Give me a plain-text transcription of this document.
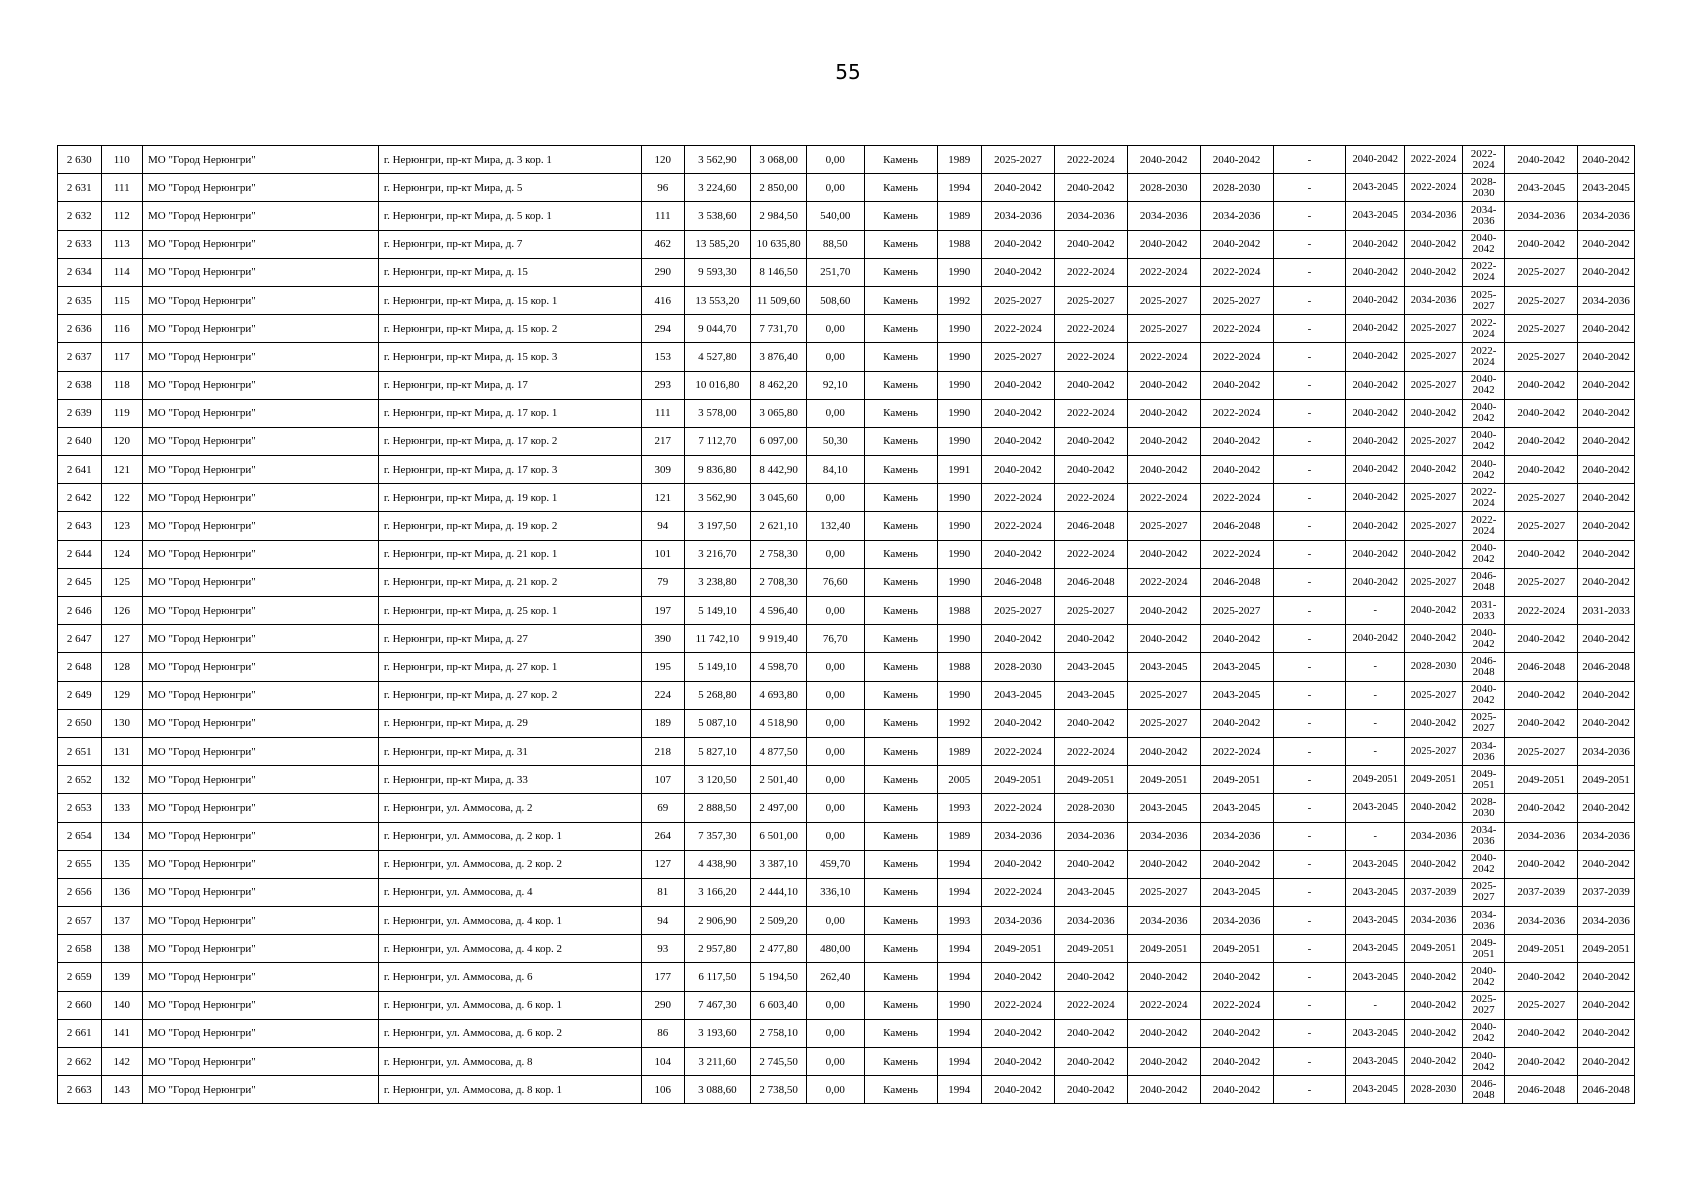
55
2 630	110	МО "Город Нерюнгри"	г. Нерюнгри, пр-кт Мира, д. 3 кор. 1	120	3 562,90	3 068,00	0,00	Камень	1989	2025-2027	2022-2024	2040-2042	2040-2042	-	2040-2042	2022-2024	2022-2024	2040-2042	2040-2042
2 631	111	МО "Город Нерюнгри"	г. Нерюнгри, пр-кт Мира, д. 5	96	3 224,60	2 850,00	0,00	Камень	1994	2040-2042	2040-2042	2028-2030	2028-2030	-	2043-2045	2022-2024	2028-2030	2043-2045	2043-2045
2 632	112	МО "Город Нерюнгри"	г. Нерюнгри, пр-кт Мира, д. 5 кор. 1	111	3 538,60	2 984,50	540,00	Камень	1989	2034-2036	2034-2036	2034-2036	2034-2036	-	2043-2045	2034-2036	2034-2036	2034-2036	2034-2036
2 633	113	МО "Город Нерюнгри"	г. Нерюнгри, пр-кт Мира, д. 7	462	13 585,20	10 635,80	88,50	Камень	1988	2040-2042	2040-2042	2040-2042	2040-2042	-	2040-2042	2040-2042	2040-2042	2040-2042	2040-2042
2 634	114	МО "Город Нерюнгри"	г. Нерюнгри, пр-кт Мира, д. 15	290	9 593,30	8 146,50	251,70	Камень	1990	2040-2042	2022-2024	2022-2024	2022-2024	-	2040-2042	2040-2042	2022-2024	2025-2027	2040-2042
2 635	115	МО "Город Нерюнгри"	г. Нерюнгри, пр-кт Мира, д. 15 кор. 1	416	13 553,20	11 509,60	508,60	Камень	1992	2025-2027	2025-2027	2025-2027	2025-2027	-	2040-2042	2034-2036	2025-2027	2025-2027	2034-2036
2 636	116	МО "Город Нерюнгри"	г. Нерюнгри, пр-кт Мира, д. 15 кор. 2	294	9 044,70	7 731,70	0,00	Камень	1990	2022-2024	2022-2024	2025-2027	2022-2024	-	2040-2042	2025-2027	2022-2024	2025-2027	2040-2042
2 637	117	МО "Город Нерюнгри"	г. Нерюнгри, пр-кт Мира, д. 15 кор. 3	153	4 527,80	3 876,40	0,00	Камень	1990	2025-2027	2022-2024	2022-2024	2022-2024	-	2040-2042	2025-2027	2022-2024	2025-2027	2040-2042
2 638	118	МО "Город Нерюнгри"	г. Нерюнгри, пр-кт Мира, д. 17	293	10 016,80	8 462,20	92,10	Камень	1990	2040-2042	2040-2042	2040-2042	2040-2042	-	2040-2042	2025-2027	2040-2042	2040-2042	2040-2042
2 639	119	МО "Город Нерюнгри"	г. Нерюнгри, пр-кт Мира, д. 17 кор. 1	111	3 578,00	3 065,80	0,00	Камень	1990	2040-2042	2022-2024	2040-2042	2022-2024	-	2040-2042	2040-2042	2040-2042	2040-2042	2040-2042
2 640	120	МО "Город Нерюнгри"	г. Нерюнгри, пр-кт Мира, д. 17 кор. 2	217	7 112,70	6 097,00	50,30	Камень	1990	2040-2042	2040-2042	2040-2042	2040-2042	-	2040-2042	2025-2027	2040-2042	2040-2042	2040-2042
2 641	121	МО "Город Нерюнгри"	г. Нерюнгри, пр-кт Мира, д. 17 кор. 3	309	9 836,80	8 442,90	84,10	Камень	1991	2040-2042	2040-2042	2040-2042	2040-2042	-	2040-2042	2040-2042	2040-2042	2040-2042	2040-2042
2 642	122	МО "Город Нерюнгри"	г. Нерюнгри, пр-кт Мира, д. 19 кор. 1	121	3 562,90	3 045,60	0,00	Камень	1990	2022-2024	2022-2024	2022-2024	2022-2024	-	2040-2042	2025-2027	2022-2024	2025-2027	2040-2042
2 643	123	МО "Город Нерюнгри"	г. Нерюнгри, пр-кт Мира, д. 19 кор. 2	94	3 197,50	2 621,10	132,40	Камень	1990	2022-2024	2046-2048	2025-2027	2046-2048	-	2040-2042	2025-2027	2022-2024	2025-2027	2040-2042
2 644	124	МО "Город Нерюнгри"	г. Нерюнгри, пр-кт Мира, д. 21 кор. 1	101	3 216,70	2 758,30	0,00	Камень	1990	2040-2042	2022-2024	2040-2042	2022-2024	-	2040-2042	2040-2042	2040-2042	2040-2042	2040-2042
2 645	125	МО "Город Нерюнгри"	г. Нерюнгри, пр-кт Мира, д. 21 кор. 2	79	3 238,80	2 708,30	76,60	Камень	1990	2046-2048	2046-2048	2022-2024	2046-2048	-	2040-2042	2025-2027	2046-2048	2025-2027	2040-2042
2 646	126	МО "Город Нерюнгри"	г. Нерюнгри, пр-кт Мира, д. 25 кор. 1	197	5 149,10	4 596,40	0,00	Камень	1988	2025-2027	2025-2027	2040-2042	2025-2027	-	-	2040-2042	2031-2033	2022-2024	2031-2033
2 647	127	МО "Город Нерюнгри"	г. Нерюнгри, пр-кт Мира, д. 27	390	11 742,10	9 919,40	76,70	Камень	1990	2040-2042	2040-2042	2040-2042	2040-2042	-	2040-2042	2040-2042	2040-2042	2040-2042	2040-2042
2 648	128	МО "Город Нерюнгри"	г. Нерюнгри, пр-кт Мира, д. 27 кор. 1	195	5 149,10	4 598,70	0,00	Камень	1988	2028-2030	2043-2045	2043-2045	2043-2045	-	-	2028-2030	2046-2048	2046-2048	2046-2048
2 649	129	МО "Город Нерюнгри"	г. Нерюнгри, пр-кт Мира, д. 27 кор. 2	224	5 268,80	4 693,80	0,00	Камень	1990	2043-2045	2043-2045	2025-2027	2043-2045	-	-	2025-2027	2040-2042	2040-2042	2040-2042
2 650	130	МО "Город Нерюнгри"	г. Нерюнгри, пр-кт Мира, д. 29	189	5 087,10	4 518,90	0,00	Камень	1992	2040-2042	2040-2042	2025-2027	2040-2042	-	-	2040-2042	2025-2027	2040-2042	2040-2042
2 651	131	МО "Город Нерюнгри"	г. Нерюнгри, пр-кт Мира, д. 31	218	5 827,10	4 877,50	0,00	Камень	1989	2022-2024	2022-2024	2040-2042	2022-2024	-	-	2025-2027	2034-2036	2025-2027	2034-2036
2 652	132	МО "Город Нерюнгри"	г. Нерюнгри, пр-кт Мира, д. 33	107	3 120,50	2 501,40	0,00	Камень	2005	2049-2051	2049-2051	2049-2051	2049-2051	-	2049-2051	2049-2051	2049-2051	2049-2051	2049-2051
2 653	133	МО "Город Нерюнгри"	г. Нерюнгри, ул. Аммосова, д. 2	69	2 888,50	2 497,00	0,00	Камень	1993	2022-2024	2028-2030	2043-2045	2043-2045	-	2043-2045	2040-2042	2028-2030	2040-2042	2040-2042
2 654	134	МО "Город Нерюнгри"	г. Нерюнгри, ул. Аммосова, д. 2 кор. 1	264	7 357,30	6 501,00	0,00	Камень	1989	2034-2036	2034-2036	2034-2036	2034-2036	-	-	2034-2036	2034-2036	2034-2036	2034-2036
2 655	135	МО "Город Нерюнгри"	г. Нерюнгри, ул. Аммосова, д. 2 кор. 2	127	4 438,90	3 387,10	459,70	Камень	1994	2040-2042	2040-2042	2040-2042	2040-2042	-	2043-2045	2040-2042	2040-2042	2040-2042	2040-2042
2 656	136	МО "Город Нерюнгри"	г. Нерюнгри, ул. Аммосова, д. 4	81	3 166,20	2 444,10	336,10	Камень	1994	2022-2024	2043-2045	2025-2027	2043-2045	-	2043-2045	2037-2039	2025-2027	2037-2039	2037-2039
2 657	137	МО "Город Нерюнгри"	г. Нерюнгри, ул. Аммосова, д. 4 кор. 1	94	2 906,90	2 509,20	0,00	Камень	1993	2034-2036	2034-2036	2034-2036	2034-2036	-	2043-2045	2034-2036	2034-2036	2034-2036	2034-2036
2 658	138	МО "Город Нерюнгри"	г. Нерюнгри, ул. Аммосова, д. 4 кор. 2	93	2 957,80	2 477,80	480,00	Камень	1994	2049-2051	2049-2051	2049-2051	2049-2051	-	2043-2045	2049-2051	2049-2051	2049-2051	2049-2051
2 659	139	МО "Город Нерюнгри"	г. Нерюнгри, ул. Аммосова, д. 6	177	6 117,50	5 194,50	262,40	Камень	1994	2040-2042	2040-2042	2040-2042	2040-2042	-	2043-2045	2040-2042	2040-2042	2040-2042	2040-2042
2 660	140	МО "Город Нерюнгри"	г. Нерюнгри, ул. Аммосова, д. 6 кор. 1	290	7 467,30	6 603,40	0,00	Камень	1990	2022-2024	2022-2024	2022-2024	2022-2024	-	-	2040-2042	2025-2027	2025-2027	2040-2042
2 661	141	МО "Город Нерюнгри"	г. Нерюнгри, ул. Аммосова, д. 6 кор. 2	86	3 193,60	2 758,10	0,00	Камень	1994	2040-2042	2040-2042	2040-2042	2040-2042	-	2043-2045	2040-2042	2040-2042	2040-2042	2040-2042
2 662	142	МО "Город Нерюнгри"	г. Нерюнгри, ул. Аммосова, д. 8	104	3 211,60	2 745,50	0,00	Камень	1994	2040-2042	2040-2042	2040-2042	2040-2042	-	2043-2045	2040-2042	2040-2042	2040-2042	2040-2042
2 663	143	МО "Город Нерюнгри"	г. Нерюнгри, ул. Аммосова, д. 8 кор. 1	106	3 088,60	2 738,50	0,00	Камень	1994	2040-2042	2040-2042	2040-2042	2040-2042	-	2043-2045	2028-2030	2046-2048	2046-2048	2046-2048
